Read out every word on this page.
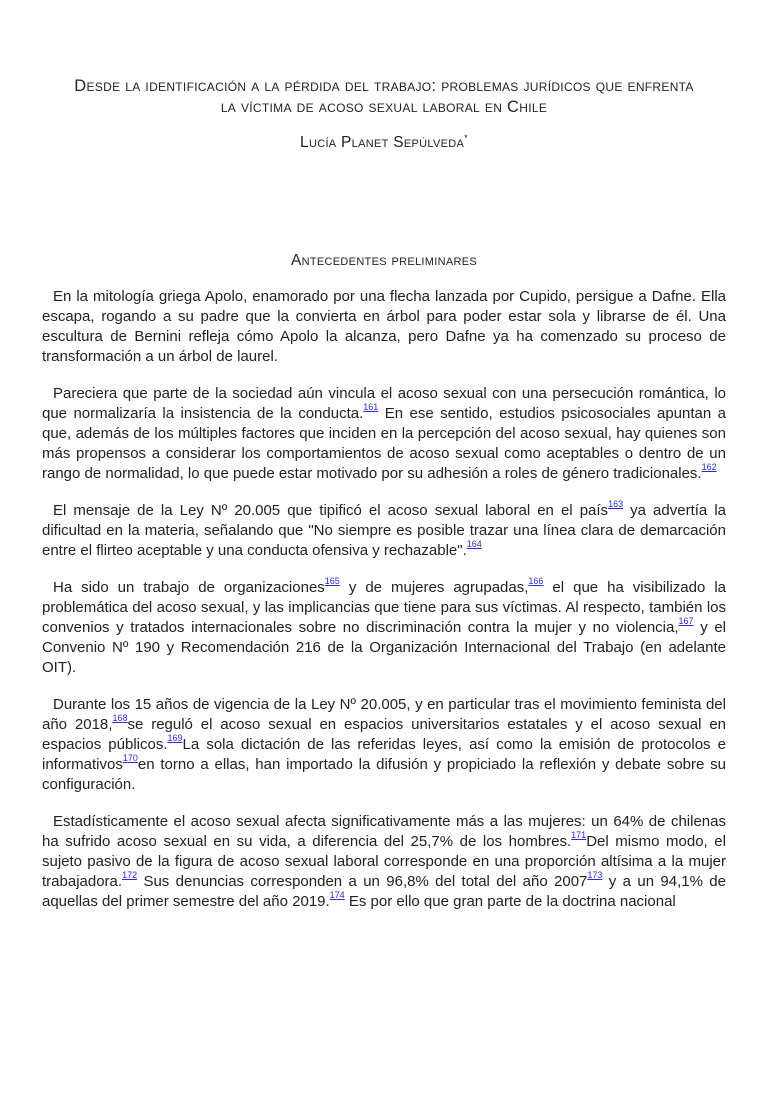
Desde la identificación a la pérdida del trabajo: problemas jurídicos que enfrenta
la víctima de acoso sexual laboral en Chile
Lucía Planet Sepúlveda*
Antecedentes preliminares

En la mitología griega Apolo, enamorado por una flecha lanzada por Cupido, persigue a Dafne. Ella escapa, rogando a su padre que la convierta en árbol para poder estar sola y librarse de él. Una escultura de Bernini refleja cómo Apolo la alcanza, pero Dafne ya ha comenzado su proceso de transformación a un árbol de laurel.

Pareciera que parte de la sociedad aún vincula el acoso sexual con una persecución romántica, lo que normalizaría la insistencia de la conducta.$^{161}$ En ese sentido, estudios psicosociales apuntan a que, además de los múltiples factores que inciden en la percepción del acoso sexual, hay quienes son más propensos a considerar los comportamientos de acoso sexual como aceptables o dentro de un rango de normalidad, lo que puede estar motivado por su adhesión a roles de género tradicionales.$^{162}$

El mensaje de la Ley Nº 20.005 que tipificó el acoso sexual laboral en el país$^{163}$ ya advertía la dificultad en la materia, señalando que "No siempre es posible trazar una línea clara de demarcación entre el flirteo aceptable y una conducta ofensiva y rechazable".$^{164}$

Ha sido un trabajo de organizaciones$^{165}$ y de mujeres agrupadas,$^{166}$ el que ha visibilizado la problemática del acoso sexual, y las implicancias que tiene para sus víctimas. Al respecto, también los convenios y tratados internacionales sobre no discriminación contra la mujer y no violencia,$^{167}$ y el Convenio Nº 190 y Recomendación 216 de la Organización Internacional del Trabajo (en adelante OIT).

Durante los 15 años de vigencia de la Ley Nº 20.005, y en particular tras el movimiento feminista del año 2018,$^{168}$se reguló el acoso sexual en espacios universitarios estatales y el acoso sexual en espacios públicos.$^{169}$La sola dictación de las referidas leyes, así como la emisión de protocolos e informativos$^{170}$en torno a ellas, han importado la difusión y propiciado la reflexión y debate sobre su configuración.

Estadísticamente el acoso sexual afecta significativamente más a las mujeres: un 64% de chilenas ha sufrido acoso sexual en su vida, a diferencia del 25,7% de los hombres.$^{171}$Del mismo modo, el sujeto pasivo de la figura de acoso sexual laboral corresponde en una proporción altísima a la mujer trabajadora.$^{172}$ Sus denuncias corresponden a un 96,8% del total del año 2007$^{173}$ y a un 94,1% de aquellas del primer semestre del año 2019.$^{174}$ Es por ello que gran parte de la doctrina nacional
